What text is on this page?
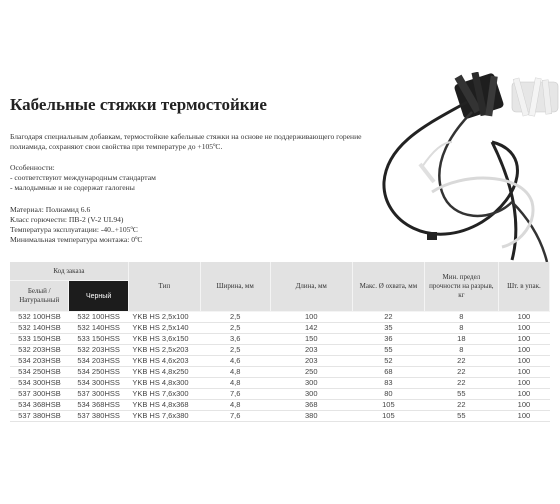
Кабельные стяжки термостойкие
Благодаря специальным добавкам, термостойкие кабельные стяжки на основе не поддерживающего горение полиамида, сохраняют свои свойства при температуре до +105ºС.

Особенности:

- соответствуют международным стандартам

- малодымные и не содержат галогены

Материал: Полиамид 6.6

Класс горючести: ПВ-2 (V-2 UL94)

Температура эксплуатации: -40..+105ºС

Минимальная температура монтажа: 0ºС

Код заказа		Тип	Ширина, мм	Длина, мм	Макс. Ø охвата, мм	Мин. предел прочности на разрыв, кг	Шт. в упак.
Белый / Натуральный	Черный						
532 100HSB	532 100HSS	YKB HS 2,5x100	2,5	100	22	8	100
532 140HSB	532 140HSS	YKB HS 2,5x140	2,5	142	35	8	100
533 150HSB	533 150HSS	YKB HS 3,6x150	3,6	150	36	18	100
532 203HSB	532 203HSS	YKB HS 2,5x203	2,5	203	55	8	100
534 203HSB	534 203HSS	YKB HS 4,6x203	4,6	203	52	22	100
534 250HSB	534 250HSS	YKB HS 4,8x250	4,8	250	68	22	100
534 300HSB	534 300HSS	YKB HS 4,8x300	4,8	300	83	22	100
537 300HSB	537 300HSS	YKB HS 7,6x300	7,6	300	80	55	100
534 368HSB	534 368HSS	YKB HS 4,8x368	4,8	368	105	22	100
537 380HSB	537 380HSS	YKB HS 7,6x380	7,6	380	105	55	100
